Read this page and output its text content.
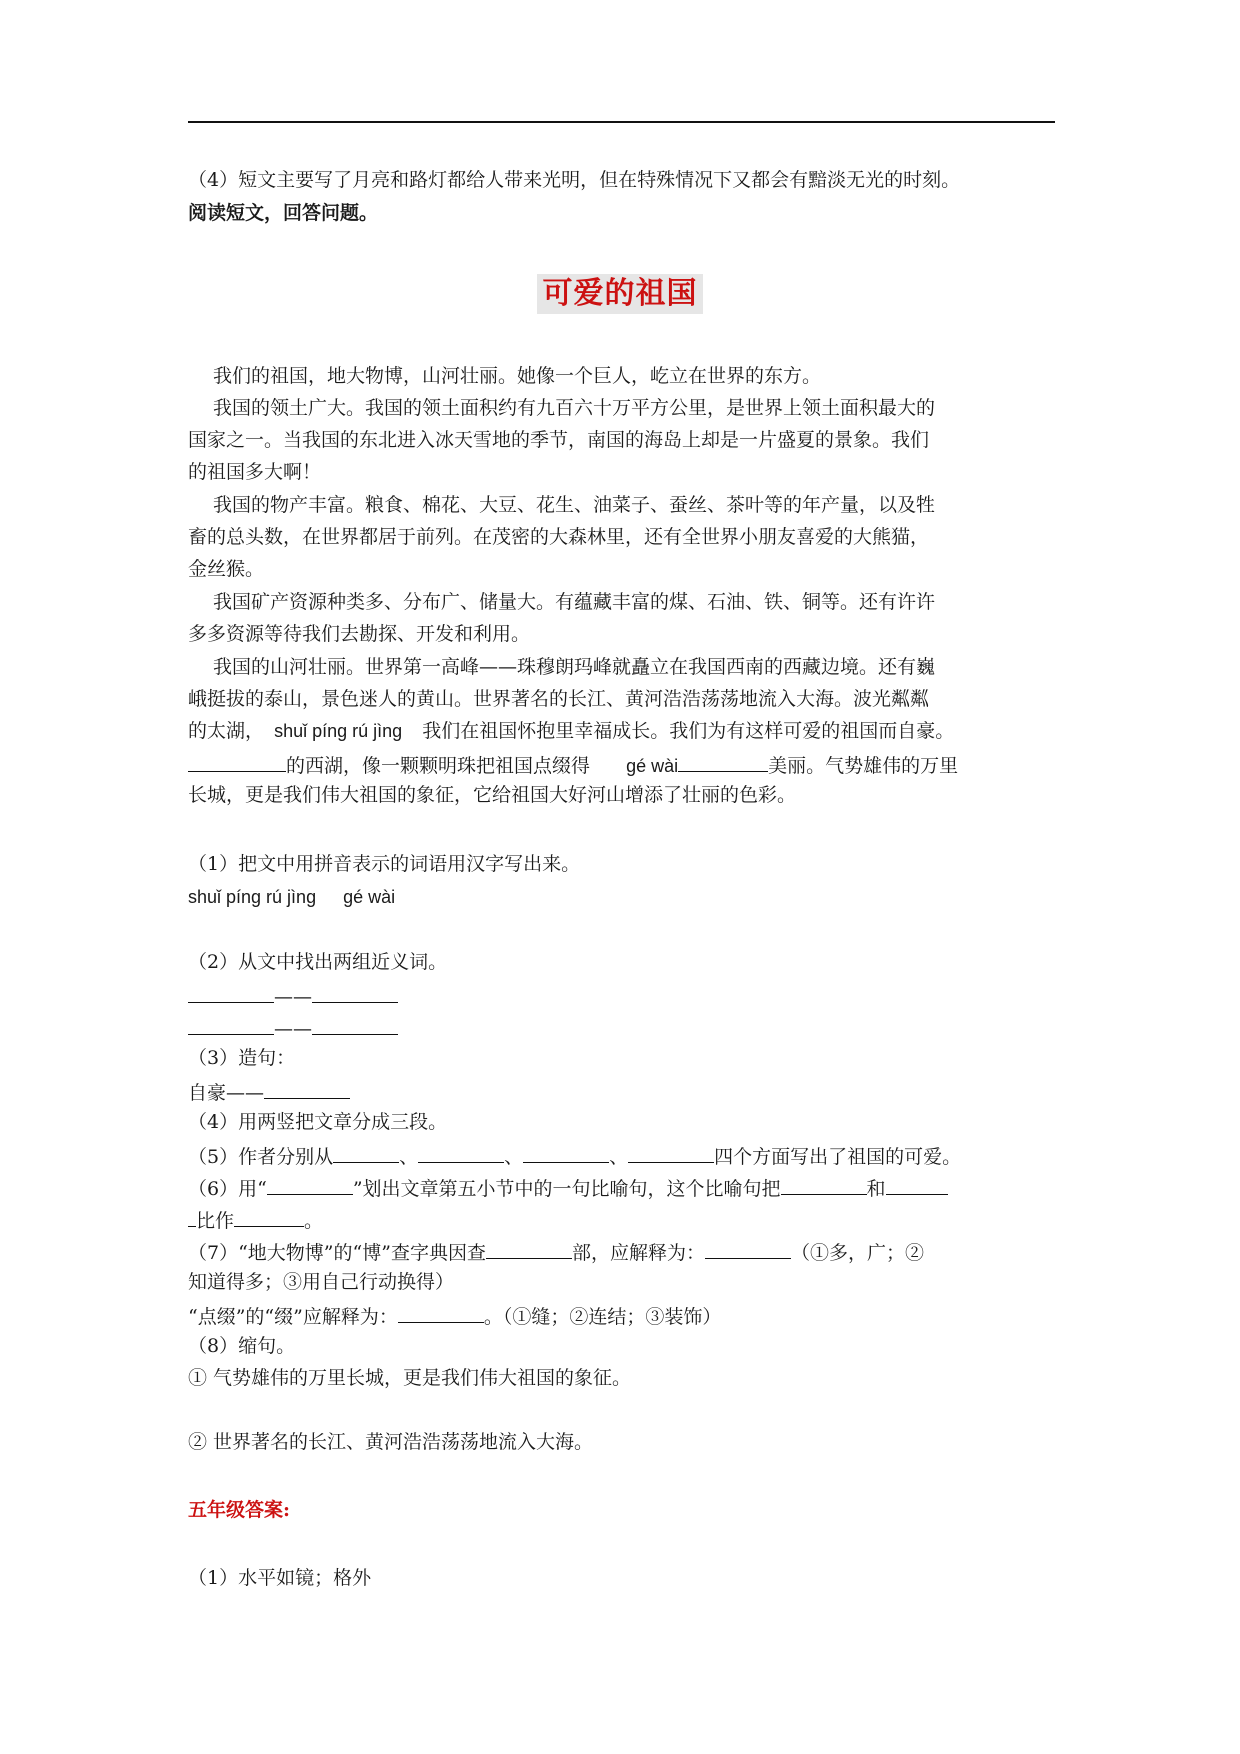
（4）短文主要写了月亮和路灯都给人带来光明，但在特殊情况下又都会有黯淡无光的时刻。
阅读短文，回答问题。
可爱的祖国
我们的祖国，地大物博，山河壮丽。她像一个巨人，屹立在世界的东方。
我国的领土广大。我国的领土面积约有九百六十万平方公里，是世界上领土面积最大的
国家之一。当我国的东北进入冰天雪地的季节，南国的海岛上却是一片盛夏的景象。我们
的祖国多大啊！
我国的物产丰富。粮食、棉花、大豆、花生、油菜子、蚕丝、茶叶等的年产量，以及牲
畜的总头数，在世界都居于前列。在茂密的大森林里，还有全世界小朋友喜爱的大熊猫，
金丝猴。
我国矿产资源种类多、分布广、储量大。有蕴藏丰富的煤、石油、铁、铜等。还有许许
多多资源等待我们去勘探、开发和利用。
我国的山河壮丽。世界第一高峰——珠穆朗玛峰就矗立在我国西南的西藏边境。还有巍
峨挺拔的泰山，景色迷人的黄山。世界著名的长江、黄河浩浩荡荡地流入大海。波光粼粼
的太湖， shuǐ píng rú jìng 我们在祖国怀抱里幸福成长。我们为有这样可爱的祖国而自豪。
的西湖，像一颗颗明珠把祖国点缀得 gé wài	美丽。气势雄伟的万里
长城，更是我们伟大祖国的象征，它给祖国大好河山增添了壮丽的色彩。
（1）把文中用拼音表示的词语用汉字写出来。
shuǐ píng rú jìng gé wài
（2）从文中找出两组近义词。
——
——
（3）造句：
自豪——
（4）用两竖把文章分成三段。
（5）作者分别从	、	、	、	四个方面写出了祖国的可爱。
（6）用“	”划出文章第五小节中的一句比喻句，这个比喻句把	和
比作	。
（7）“地大物博”的“博”查字典因查	部，应解释为：	（①多，广；②
知道得多；③用自己行动换得）
“点缀”的“缀”应解释为：	。（①缝；②连结；③装饰）
（8）缩句。
① 气势雄伟的万里长城，更是我们伟大祖国的象征。
② 世界著名的长江、黄河浩浩荡荡地流入大海。
五年级答案:
（1）水平如镜；格外
